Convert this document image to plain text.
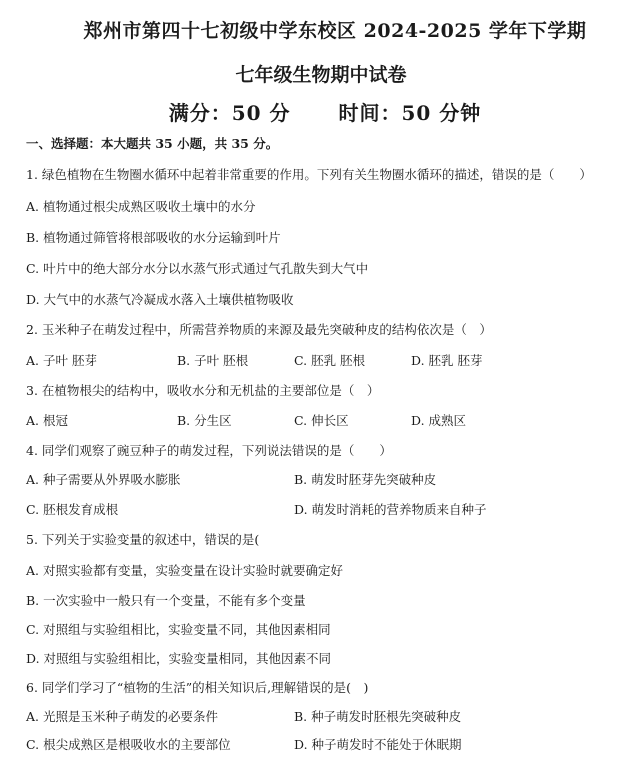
郑州市第四十七初级中学东校区 2024-2025 学年下学期
七年级生物期中试卷
满分：50 分 时间：50 分钟
一、选择题：本大题共 35 小题，共 35 分。
1. 绿色植物在生物圈水循环中起着非常重要的作用。下列有关生物圈水循环的描述，错误的是（　　）
A. 植物通过根尖成熟区吸收土壤中的水分
B. 植物通过筛管将根部吸收的水分运输到叶片
C. 叶片中的绝大部分水分以水蒸气形式通过气孔散失到大气中
D. 大气中的水蒸气冷凝成水落入土壤供植物吸收
2. 玉米种子在萌发过程中，所需营养物质的来源及最先突破种皮的结构依次是（　）
A. 子叶 胚芽	B. 子叶 胚根	C. 胚乳 胚根	D. 胚乳 胚芽
3. 在植物根尖的结构中，吸收水分和无机盐的主要部位是（　）
A. 根冠	B. 分生区	C. 伸长区	D. 成熟区
4. 同学们观察了豌豆种子的萌发过程，下列说法错误的是（　　）
A. 种子需要从外界吸水膨胀	B. 萌发时胚芽先突破种皮
C. 胚根发育成根	D. 萌发时消耗的营养物质来自种子
5. 下列关于实验变量的叙述中，错误的是(
A. 对照实验都有变量，实验变量在设计实验时就要确定好
B. 一次实验中一般只有一个变量，不能有多个变量
C. 对照组与实验组相比，实验变量不同，其他因素相同
D. 对照组与实验组相比，实验变量相同，其他因素不同
6. 同学们学习了“植物的生活”的相关知识后,理解错误的是(　)
A. 光照是玉米种子萌发的必要条件	B. 种子萌发时胚根先突破种皮
C. 根尖成熟区是根吸收水的主要部位	D. 种子萌发时不能处于休眠期
